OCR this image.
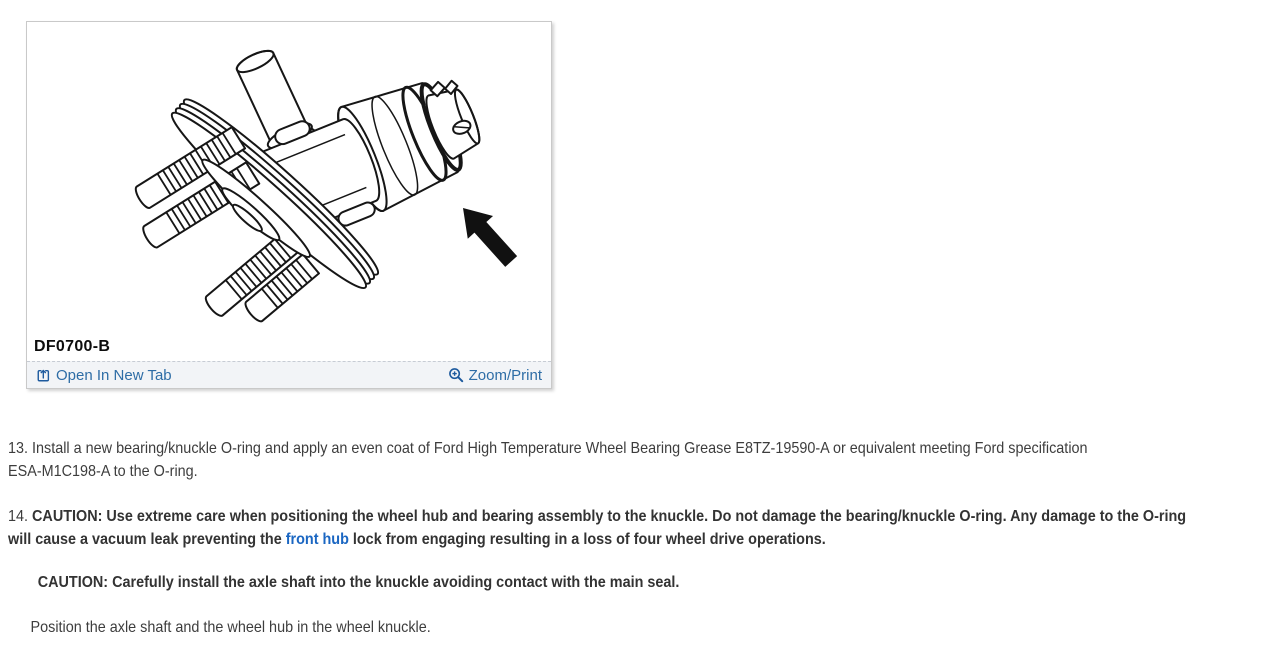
DF0700-B
Open In New Tab	Zoom/Print

13. Install a new bearing/knuckle O-ring and apply an even coat of Ford High Temperature Wheel Bearing Grease E8TZ-19590-A or equivalent meeting Ford specification
ESA-M1C198-A to the O-ring.

14. CAUTION: Use extreme care when positioning the wheel hub and bearing assembly to the knuckle. Do not damage the bearing/knuckle O-ring. Any damage to the O-ring
will cause a vacuum leak preventing the front hub lock from engaging resulting in a loss of four wheel drive operations.

CAUTION: Carefully install the axle shaft into the knuckle avoiding contact with the main seal.

Position the axle shaft and the wheel hub in the wheel knuckle.
